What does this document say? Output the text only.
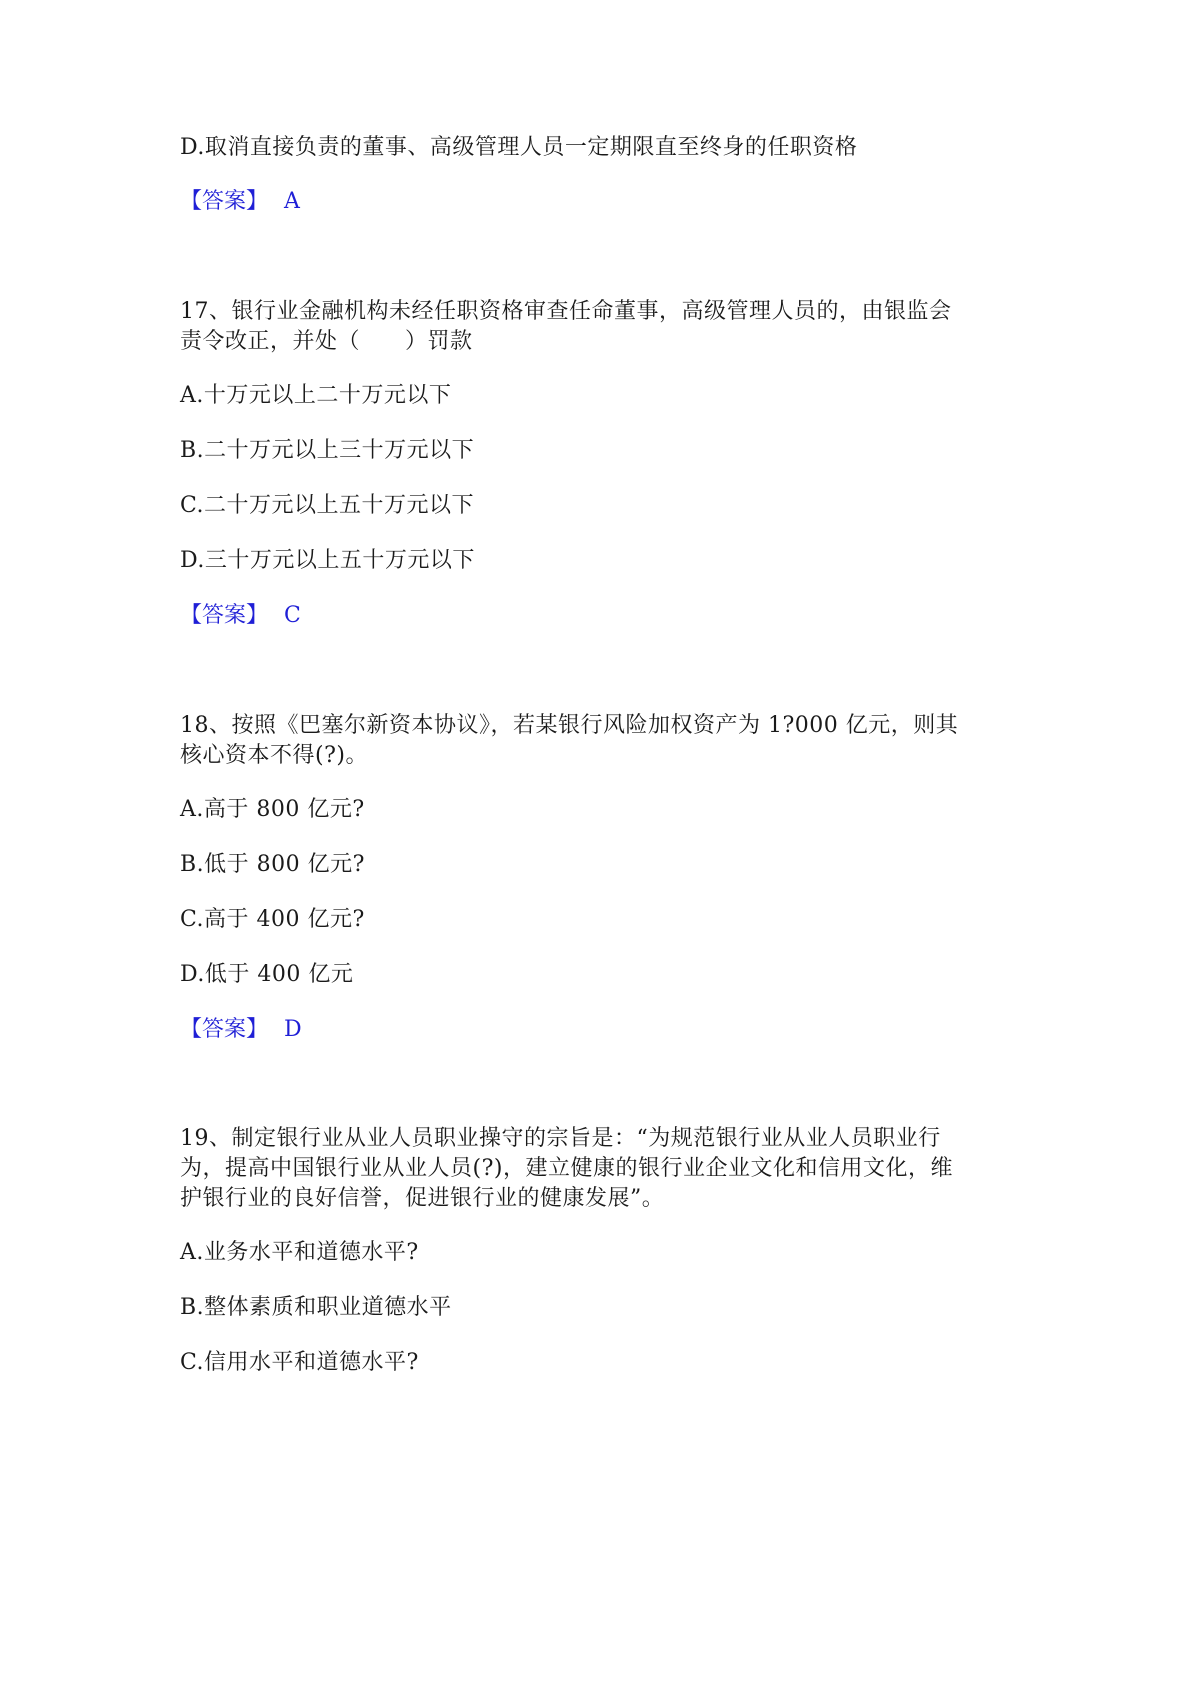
D.取消直接负责的董事、高级管理人员一定期限直至终身的任职资格
【答案】 A
17、银行业金融机构未经任职资格审查任命董事，高级管理人员的，由银监会
责令改正，并处（　　）罚款
A.十万元以上二十万元以下
B.二十万元以上三十万元以下
C.二十万元以上五十万元以下
D.三十万元以上五十万元以下
【答案】 C
18、按照《巴塞尔新资本协议》，若某银行风险加权资产为 1?000 亿元，则其
核心资本不得(?)。
A.高于 800 亿元?
B.低于 800 亿元?
C.高于 400 亿元?
D.低于 400 亿元
【答案】 D
19、制定银行业从业人员职业操守的宗旨是：“为规范银行业从业人员职业行
为，提高中国银行业从业人员(?)，建立健康的银行业企业文化和信用文化，维
护银行业的良好信誉，促进银行业的健康发展”。
A.业务水平和道德水平?
B.整体素质和职业道德水平
C.信用水平和道德水平?
